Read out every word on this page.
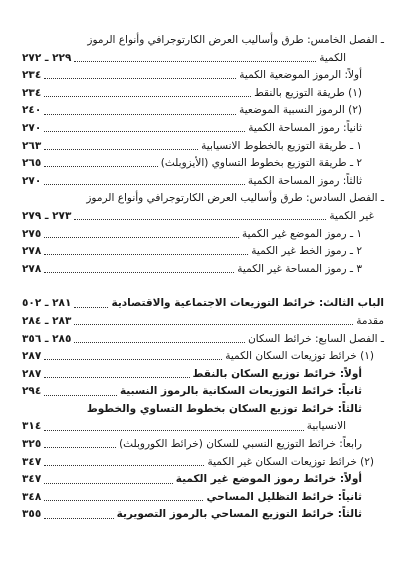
ـ الفصل الخامس: طرق وأساليب العرض الكارتوجرافي وأنواع الرموز
الكمية
٢٢٩ ـ ٢٧٢
أولاً: الرموز الموضعية الكمية
٢٣٤
(١) طريقة التوزيع بالنقط
٢٣٤
(٢) الرموز النسبية الموضعية
٢٤٠
ثانياً: رموز المساحة الكمية
٢٧٠
١ ـ طريقة التوزيع بالخطوط الانسيابية
٢٦٣
٢ ـ طريقة التوزيع بخطوط التساوي (الأيزوبلث)
٢٦٥
ثالثاً: رموز المساحة الكمية
٢٧٠
ـ الفصل السادس: طرق وأساليب العرض الكارتوجرافي وأنواع الرموز
غير الكمية
٢٧٣ ـ ٢٧٩
١ ـ رموز الموضع غير الكمية
٢٧٥
٢ ـ رموز الخط غير الكمية
٢٧٨
٣ ـ رموز المساحة غير الكمية
٢٧٨
الباب الثالث: خرائط التوزيعات الاجتماعية والاقتصادية
٢٨١ ـ ٥٠٢
مقدمة
٢٨٣ ـ ٢٨٤
ـ الفصل السابع: خرائط السكان
٢٨٥ ـ ٣٥٦
(١) خرائط توزيعات السكان الكمية
٢٨٧
أولاً: خرائط توزيع السكان بالنقط
٢٨٧
ثانياً: خرائط التوزيعات السكانية بالرموز النسبية
٢٩٤
ثالثاً: خرائط توزيع السكان بخطوط التساوي والخطوط
الانسيابية
٣١٤
رابعاً: خرائط التوزيع النسبي للسكان (خرائط الكوروبلث)
٣٢٥
(٢) خرائط توزيعات السكان غير الكمية
٣٤٧
أولاً: خرائط رموز الموضع غير الكمية
٣٤٧
ثانياً: خرائط التظليل المساحي
٣٤٨
ثالثاً: خرائط التوزيع المساحي بالرموز التصويرية
٣٥٥
